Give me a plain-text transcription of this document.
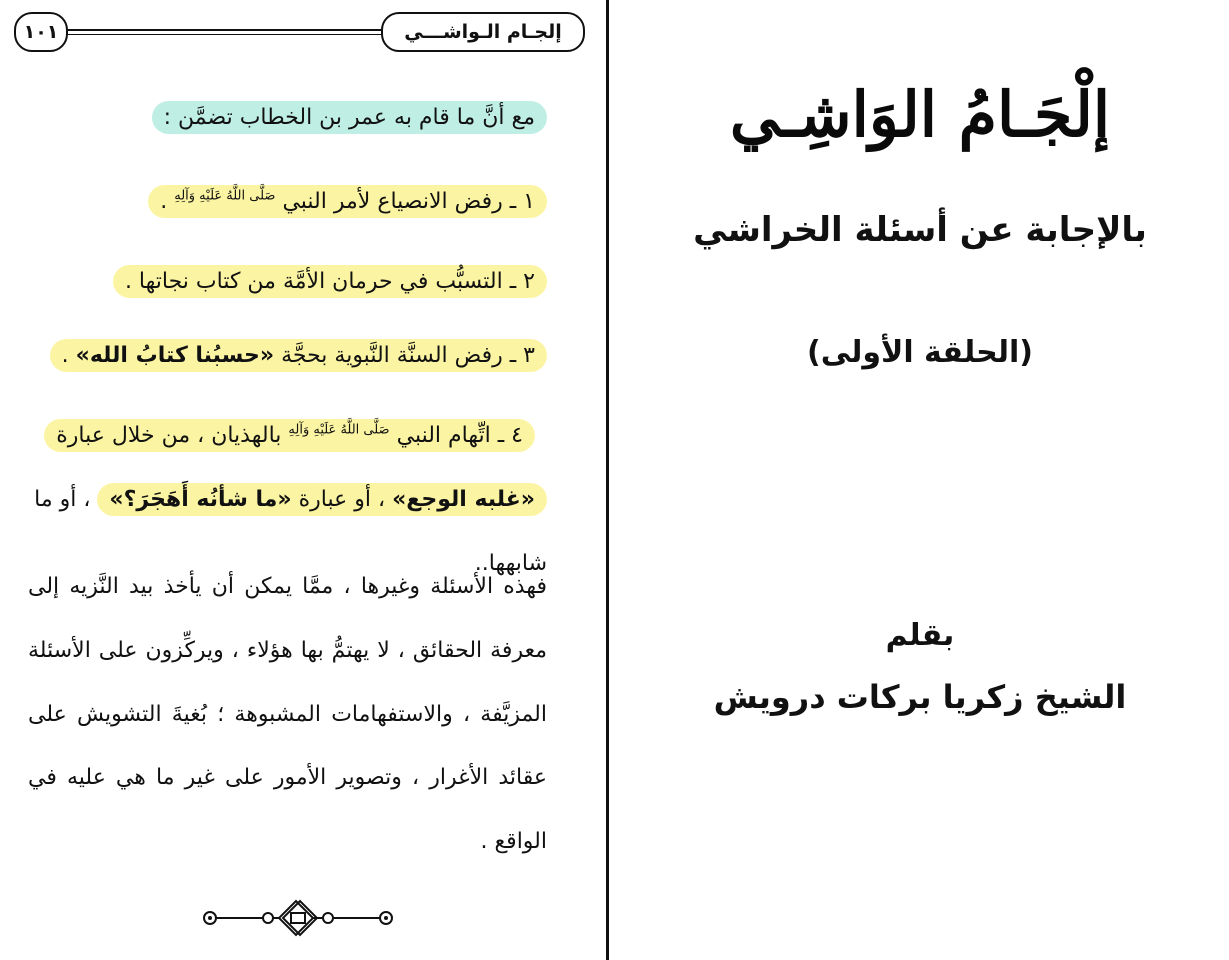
١٠١	إلجـام الـواشـــي
مع أنَّ ما قام به عمر بن الخطاب تضمَّن :
١ ـ رفض الانصياع لأمر النبي $^{صَلَّى اللَّهُ عَلَيْهِ وَآلِهِ}$ .
٢ ـ التسبُّب في حرمان الأمَّة من كتاب نجاتها .
٣ ـ رفض السنَّة النَّبوية بحجَّة «حسبُنا كتابُ الله» .
٤ ـ اتِّهام النبي $^{صَلَّى اللَّهُ عَلَيْهِ وَآلِهِ}$ بالهذيان ، من خلال عبارة «غلبه الوجع» ، أو عبارة «ما شأنُه أَهَجَرَ؟» ، أو ما شابهها..
فهذه الأسئلة وغيرها ، ممَّا يمكن أن يأخذ بيد النَّزيه إلى معرفة الحقائق ، لا يهتمُّ بها هؤلاء ، ويركِّزون على الأسئلة المزيَّفة ، والاستفهامات المشبوهة ؛ بُغيةَ التشويش على عقائد الأغرار ، وتصوير الأمور على غير ما هي عليه في الواقع .
إلْجَـامُ الوَاشِـي
بالإجابة عن أسئلة الخراشي
(الحلقة الأولى)
بقلم
الشيخ زكريا بركات درويش
